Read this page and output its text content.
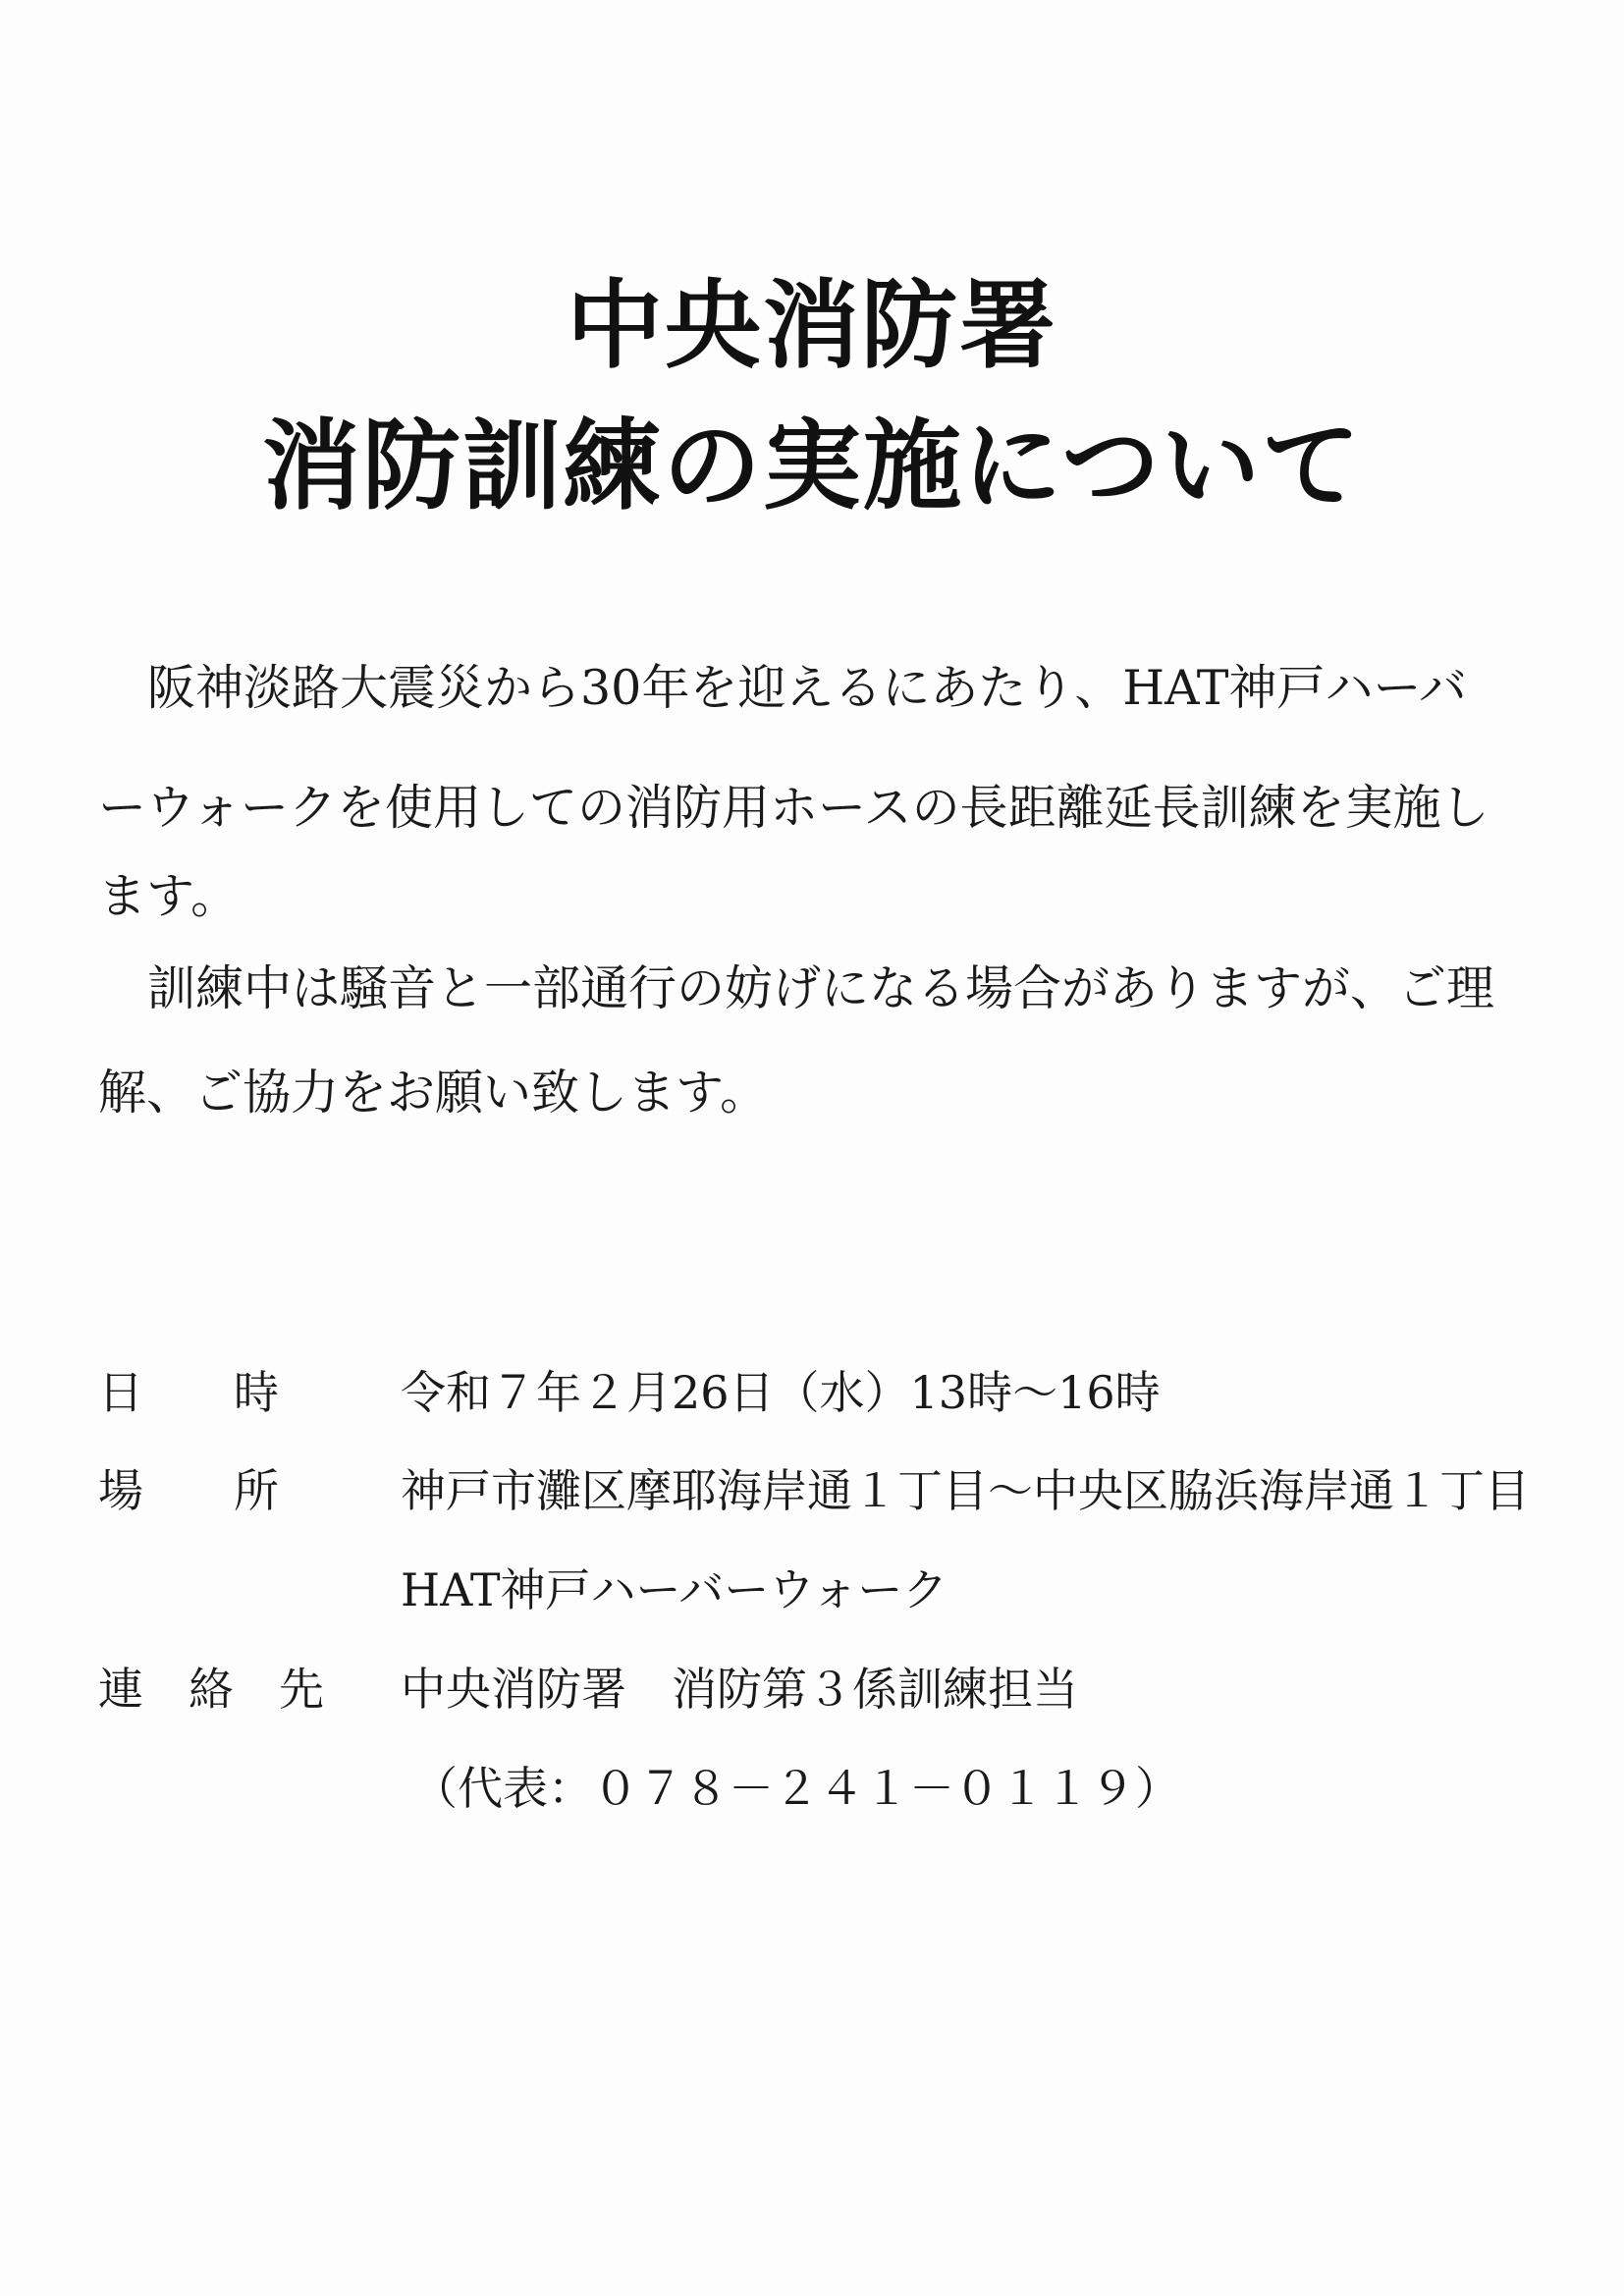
中央消防署
消防訓練の実施について

阪神淡路大震災から30年を迎えるにあたり、HAT神戸ハーバ

ーウォークを使用しての消防用ホースの長距離延長訓練を実施し

ます。

訓練中は騒音と一部通行の妨げになる場合がありますが、ご理

解、ご協力をお願い致します。

日　　時	令和７年２月26日（水）13時～16時
場　　所	神戸市灘区摩耶海岸通１丁目～中央区脇浜海岸通１丁目
HAT神戸ハーバーウォーク
連　絡　先 中央消防署　消防第３係訓練担当
（代表：０７８－２４１－０１１９）
